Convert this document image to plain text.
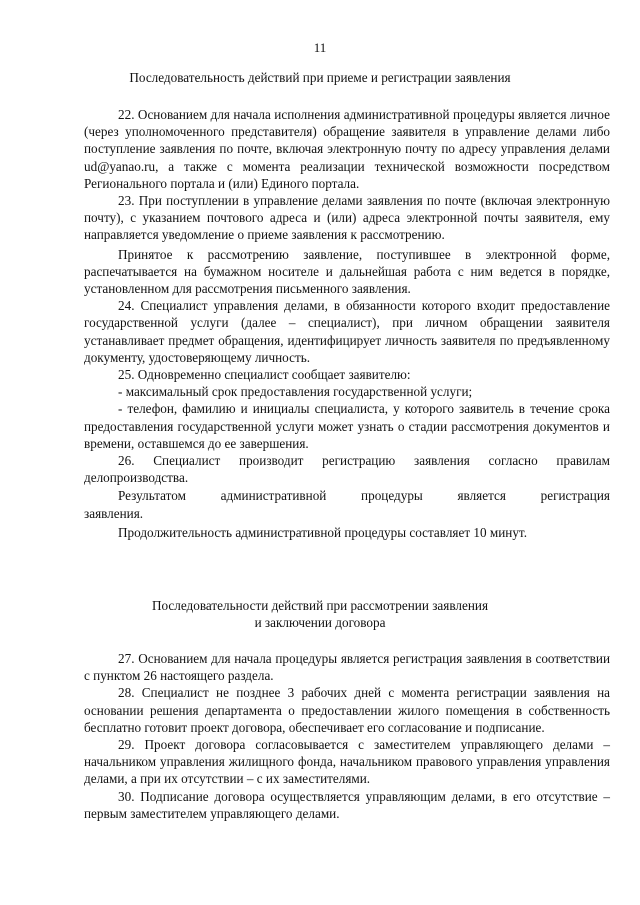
11
Последовательность действий при приеме и регистрации заявления

22. Основанием для начала исполнения административной процедуры является личное (через уполномоченного представителя) обращение заявителя в управление делами либо поступление заявления по почте, включая электронную почту по адресу управления делами ud@yanao.ru, а также с момента реализации технической возможности посредством Регионального портала и (или) Единого портала.

23. При поступлении в управление делами заявления по почте (включая электронную почту), с указанием почтового адреса и (или) адреса электронной почты заявителя, ему направляется уведомление о приеме заявления к рассмотрению.

Принятое к рассмотрению заявление, поступившее в электронной форме, распечатывается на бумажном носителе и дальнейшая работа с ним ведется в порядке, установленном для рассмотрения письменного заявления.

24. Специалист управления делами, в обязанности которого входит предоставление государственной услуги (далее – специалист), при личном обращении заявителя устанавливает предмет обращения, идентифицирует личность заявителя по предъявленному документу, удостоверяющему личность.

25. Одновременно специалист сообщает заявителю:

- максимальный срок предоставления государственной услуги;

- телефон, фамилию и инициалы специалиста, у которого заявитель в течение срока предоставления государственной услуги может узнать о стадии рассмотрения документов и времени, оставшемся до ее завершения.

26. Специалист производит регистрацию заявления согласно правилам делопроизводства.

Результатом	административной	процедуры	является	регистрация
заявления.

Продолжительность административной процедуры составляет 10 минут.

Последовательности действий при рассмотрении заявления
и заключении договора

27. Основанием для начала процедуры является регистрация заявления в соответствии с пунктом 26 настоящего раздела.

28. Специалист не позднее 3 рабочих дней с момента регистрации заявления на основании решения департамента о предоставлении жилого помещения в собственность бесплатно готовит проект договора, обеспечивает его согласование и подписание.

29. Проект договора согласовывается с заместителем управляющего делами – начальником управления жилищного фонда, начальником правового управления управления делами, а при их отсутствии – с их заместителями.

30. Подписание договора осуществляется управляющим делами, в его отсутствие – первым заместителем управляющего делами.
